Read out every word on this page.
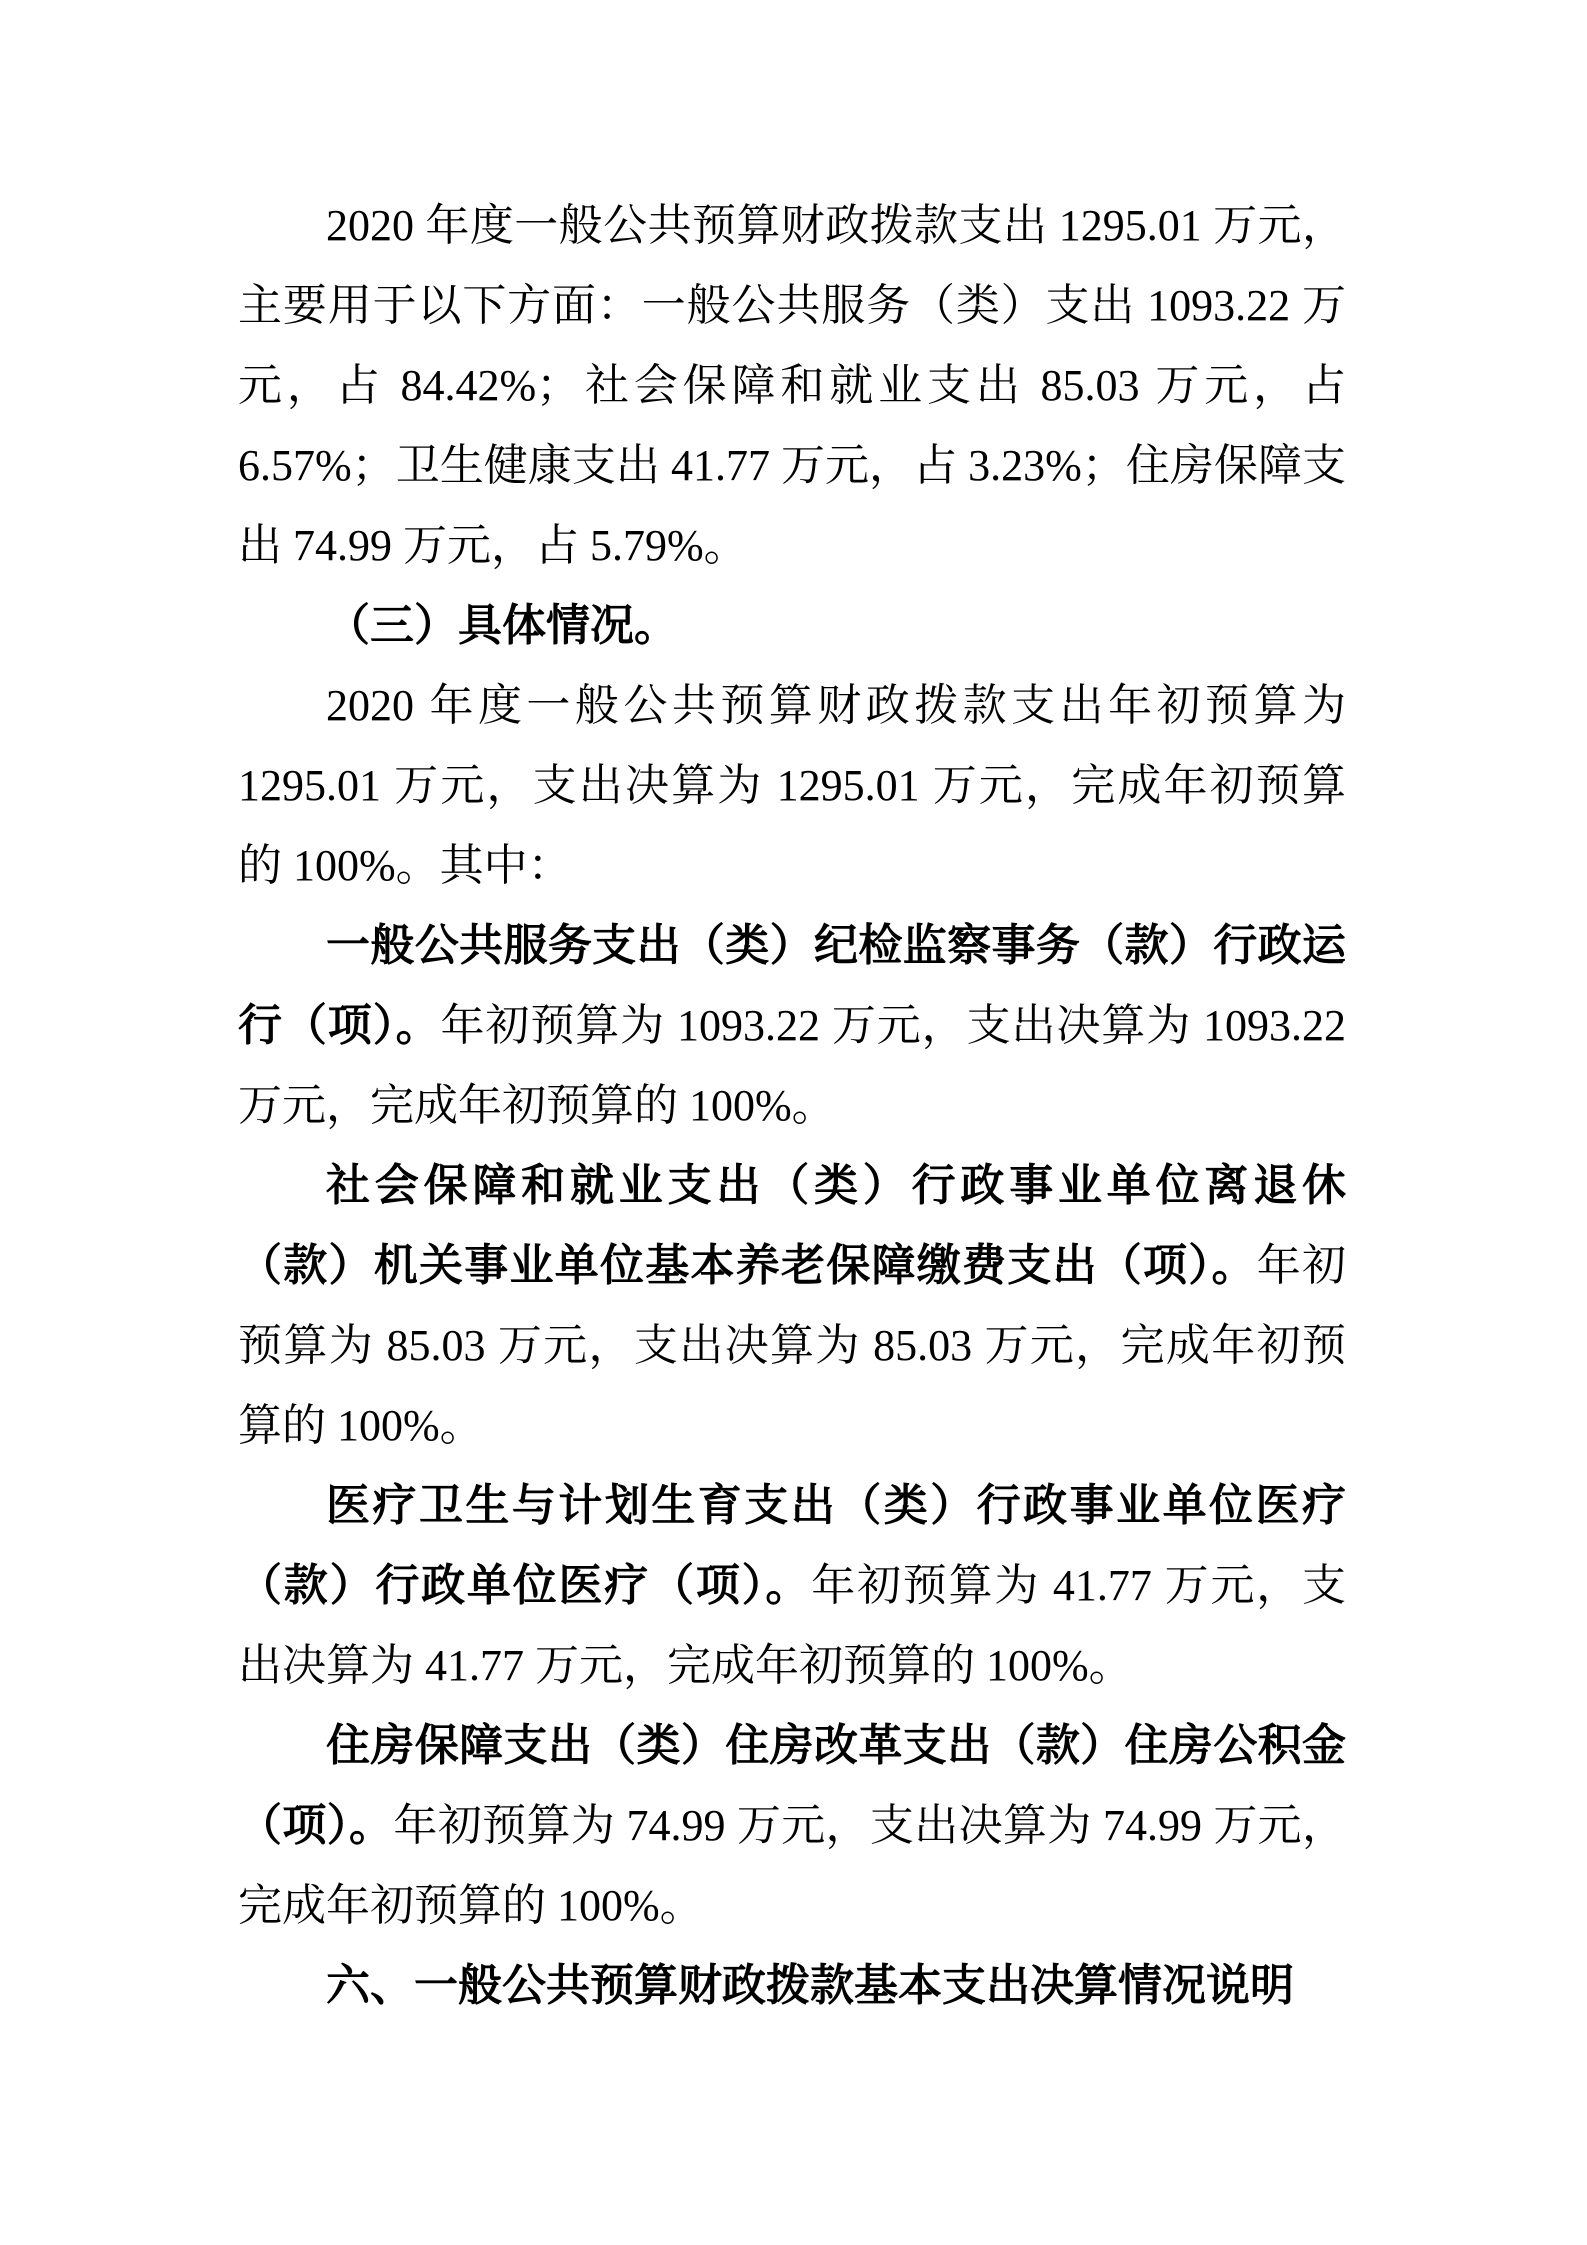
2020 年度一般公共预算财政拨款支出 1295.01 万元，主要用于以下方面：一般公共服务（类）支出 1093.22 万元，占 84.42%；社会保障和就业支出 85.03 万元，占 6.57%；卫生健康支出 41.77 万元，占 3.23%；住房保障支出 74.99 万元，占 5.79%。

（三）具体情况。

2020 年度一般公共预算财政拨款支出年初预算为 1295.01 万元，支出决算为 1295.01 万元，完成年初预算的 100%。其中：

一般公共服务支出（类）纪检监察事务（款）行政运行（项）。年初预算为 1093.22 万元，支出决算为 1093.22 万元，完成年初预算的 100%。

社会保障和就业支出（类）行政事业单位离退休（款）机关事业单位基本养老保障缴费支出（项）。年初预算为 85.03 万元，支出决算为 85.03 万元，完成年初预算的 100%。

医疗卫生与计划生育支出（类）行政事业单位医疗（款）行政单位医疗（项）。年初预算为 41.77 万元，支出决算为 41.77 万元，完成年初预算的 100%。

住房保障支出（类）住房改革支出（款）住房公积金（项）。年初预算为 74.99 万元，支出决算为 74.99 万元，完成年初预算的 100%。

六、一般公共预算财政拨款基本支出决算情况说明
